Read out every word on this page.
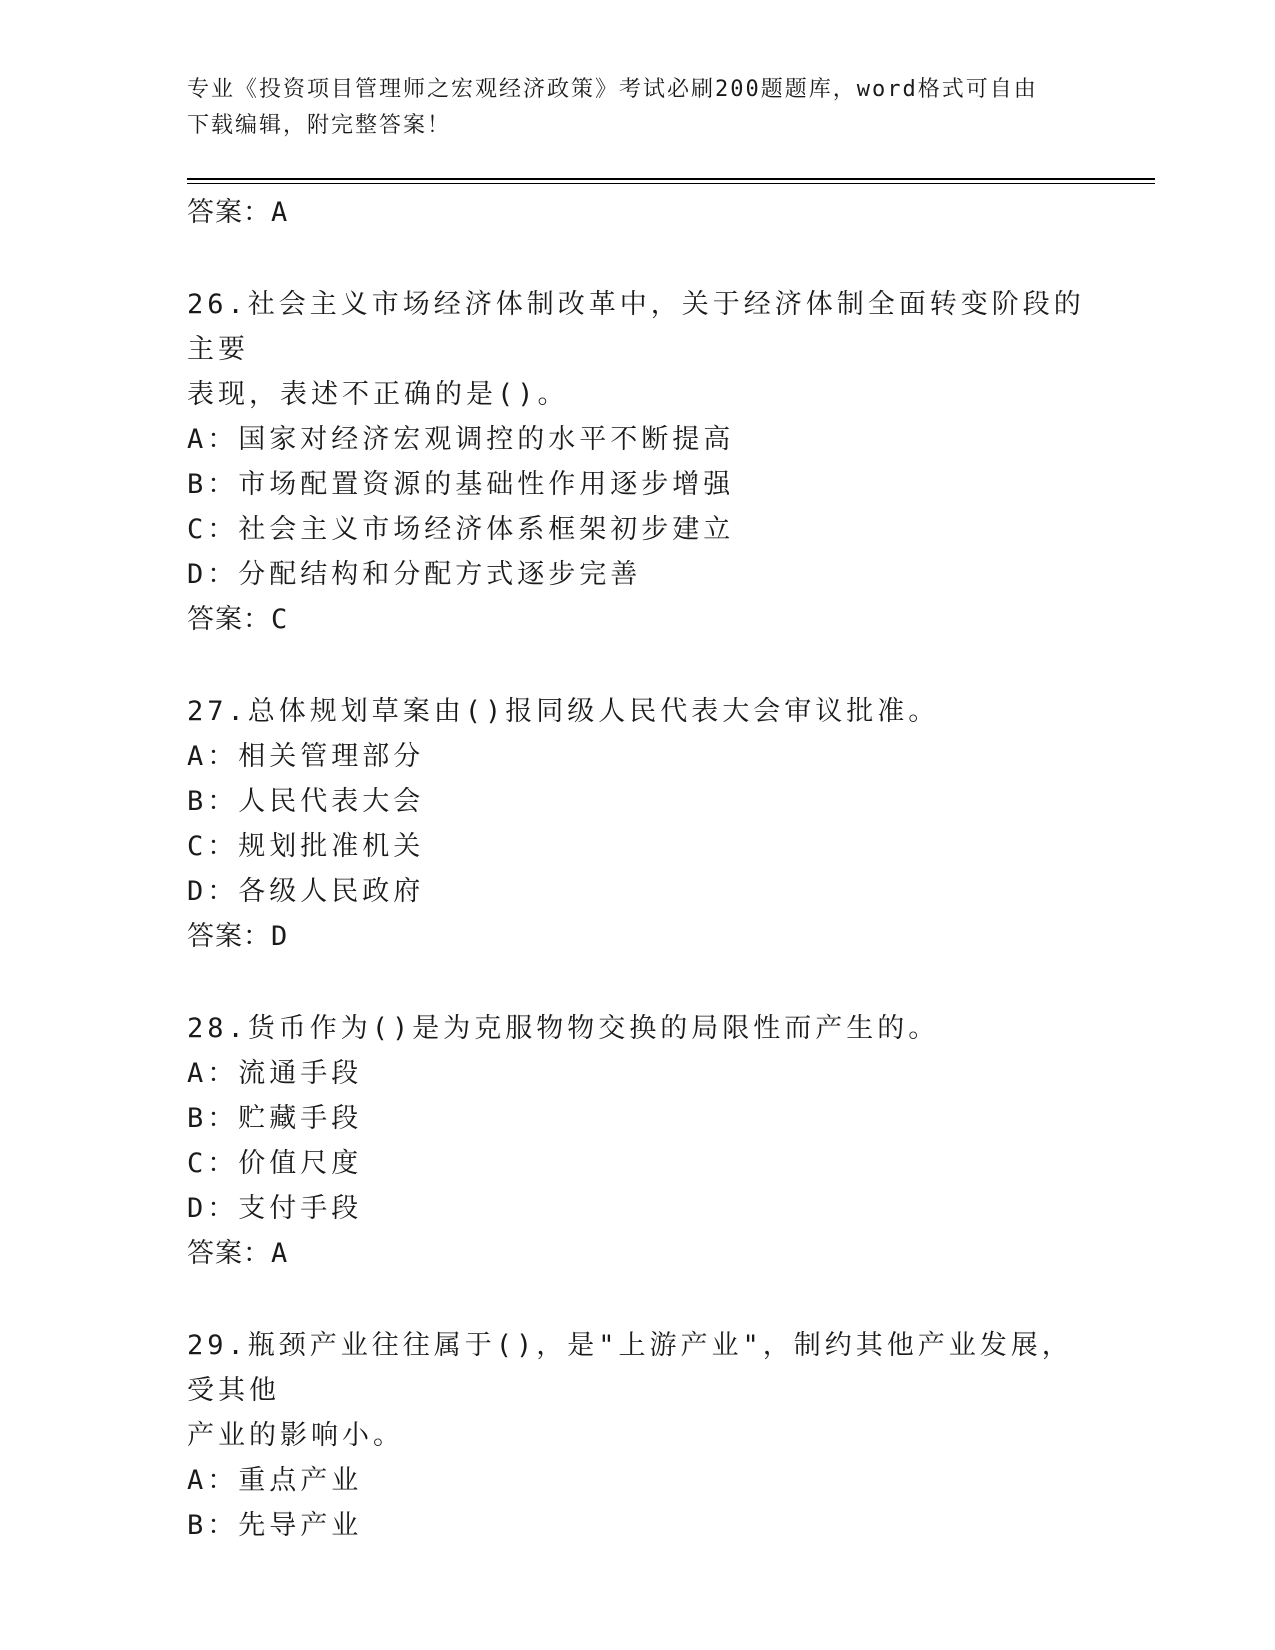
专业《投资项目管理师之宏观经济政策》考试必刷200题题库，word格式可自由
下载编辑，附完整答案！
答案：A
26.社会主义市场经济体制改革中，关于经济体制全面转变阶段的主要
表现，表述不正确的是()。
A：国家对经济宏观调控的水平不断提高
B：市场配置资源的基础性作用逐步增强
C：社会主义市场经济体系框架初步建立
D：分配结构和分配方式逐步完善
答案：C
27.总体规划草案由()报同级人民代表大会审议批准。
A：相关管理部分
B：人民代表大会
C：规划批准机关
D：各级人民政府
答案：D
28.货币作为()是为克服物物交换的局限性而产生的。
A：流通手段
B：贮藏手段
C：价值尺度
D：支付手段
答案：A
29.瓶颈产业往往属于()，是"上游产业"，制约其他产业发展，受其他
产业的影响小。
A：重点产业
B：先导产业
